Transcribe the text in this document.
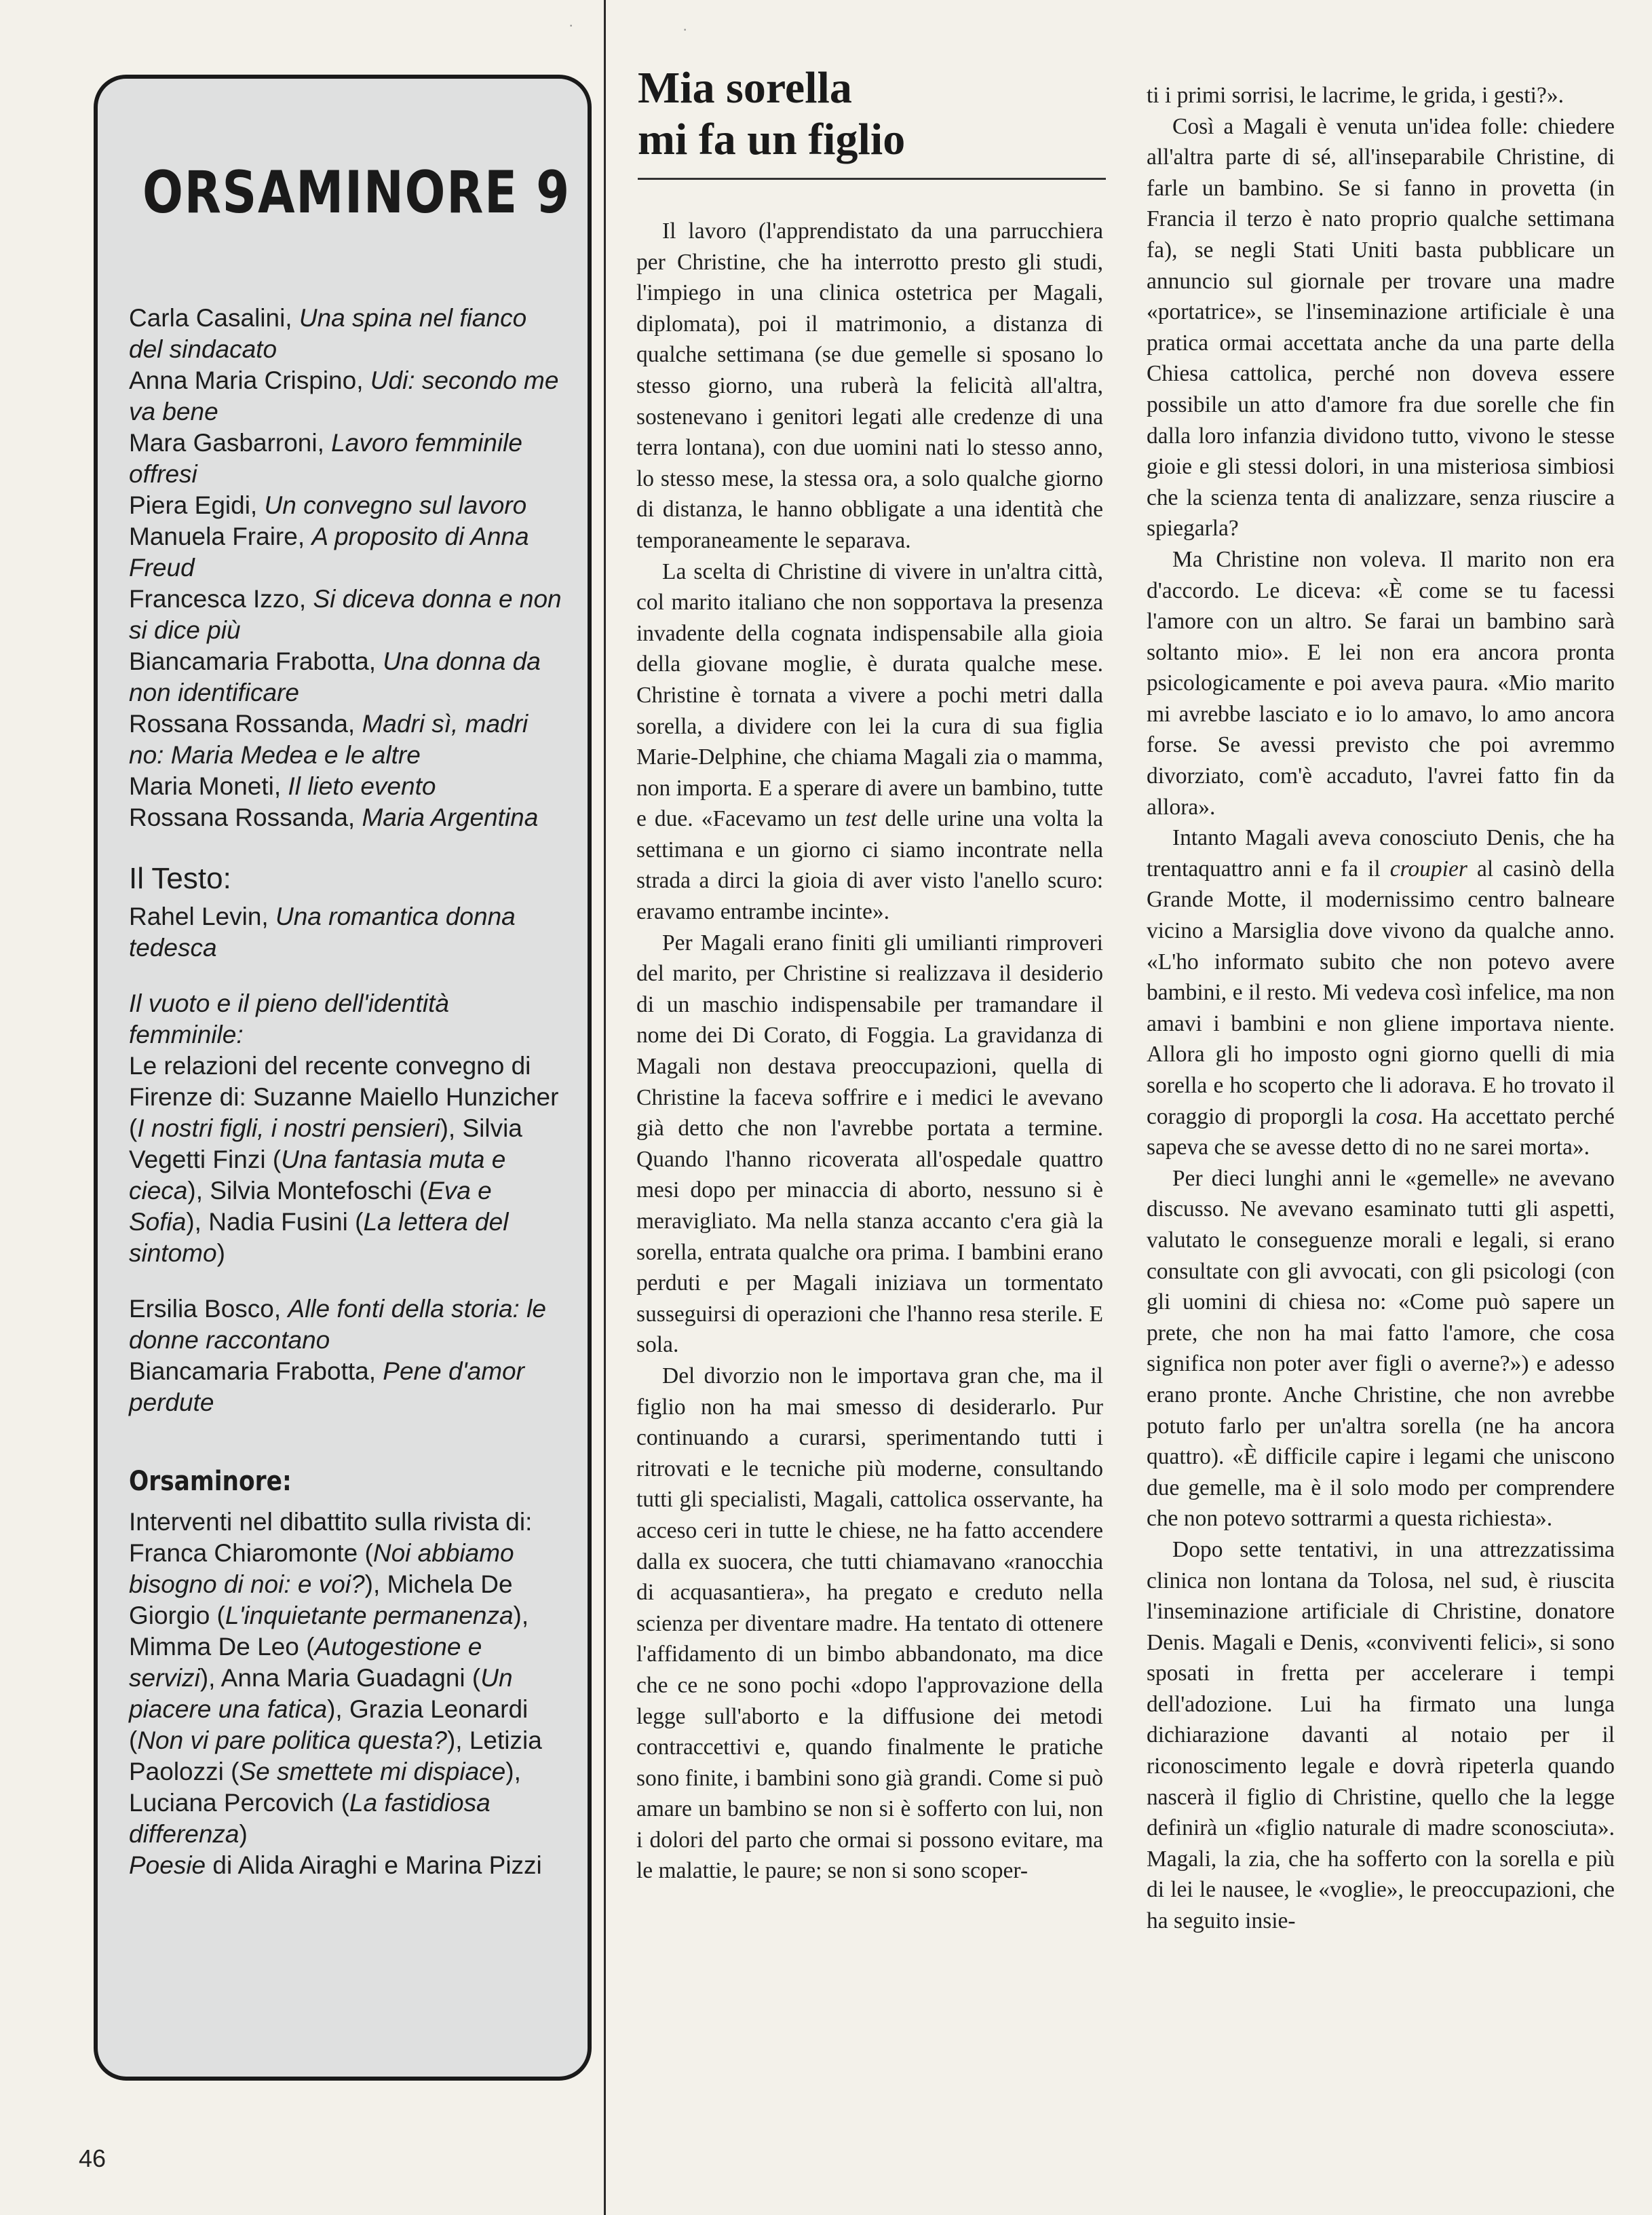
·	·
ORSAMINORE 9

Carla Casalini, Una spina nel fianco del sindacato

Anna Maria Crispino, Udi: secondo me va bene

Mara Gasbarroni, Lavoro femminile offresi

Piera Egidi, Un convegno sul lavoro

Manuela Fraire, A proposito di Anna Freud

Francesca Izzo, Si diceva donna e non si dice più

Biancamaria Frabotta, Una donna da non identificare

Rossana Rossanda, Madri sì, madri no: Maria Medea e le altre

Maria Moneti, Il lieto evento

Rossana Rossanda, Maria Argentina

Il Testo:

Rahel Levin, Una romantica donna tedesca

Il vuoto e il pieno dell'identità femminile:

Le relazioni del recente convegno di Firenze di: Suzanne Maiello Hunzicher (I nostri figli, i nostri pensieri), Silvia Vegetti Finzi (Una fantasia muta e cieca), Silvia Montefoschi (Eva e Sofia), Nadia Fusini (La lettera del sintomo)

Ersilia Bosco, Alle fonti della storia: le donne raccontano

Biancamaria Frabotta, Pene d'amor perdute

Orsaminore:

Interventi nel dibattito sulla rivista di: Franca Chiaromonte (Noi abbiamo bisogno di noi: e voi?), Michela De Giorgio (L'inquietante permanenza), Mimma De Leo (Autogestione e servizi), Anna Maria Guadagni (Un piacere una fatica), Grazia Leonardi (Non vi pare politica questa?), Letizia Paolozzi (Se smettete mi dispiace), Luciana Percovich (La fastidiosa differenza)

Poesie di Alida Airaghi e Marina Pizzi

Mia sorella
mi fa un figlio

Il lavoro (l'apprendistato da una parrucchiera per Christine, che ha interrotto presto gli studi, l'impiego in una clinica ostetrica per Magali, diplomata), poi il matrimonio, a distanza di qualche settimana (se due gemelle si sposano lo stesso giorno, una ruberà la felicità all'altra, sostenevano i genitori legati alle credenze di una terra lontana), con due uomini nati lo stesso anno, lo stesso mese, la stessa ora, a solo qualche giorno di distanza, le hanno obbligate a una identità che temporaneamente le separava.

La scelta di Christine di vivere in un'altra città, col marito italiano che non sopportava la presenza invadente della cognata indispensabile alla gioia della giovane moglie, è durata qualche mese. Christine è tornata a vivere a pochi metri dalla sorella, a dividere con lei la cura di sua figlia Marie-Delphine, che chiama Magali zia o mamma, non importa. E a sperare di avere un bambino, tutte e due. «Facevamo un test delle urine una volta la settimana e un giorno ci siamo incontrate nella strada a dirci la gioia di aver visto l'anello scuro: eravamo entrambe incinte».

Per Magali erano finiti gli umilianti rimproveri del marito, per Christine si realizzava il desiderio di un maschio indispensabile per tramandare il nome dei Di Corato, di Foggia. La gravidanza di Magali non destava preoccupazioni, quella di Christine la faceva soffrire e i medici le avevano già detto che non l'avrebbe portata a termine. Quando l'hanno ricoverata all'ospedale quattro mesi dopo per minaccia di aborto, nessuno si è meravigliato. Ma nella stanza accanto c'era già la sorella, entrata qualche ora prima. I bambini erano perduti e per Magali iniziava un tormentato susseguirsi di operazioni che l'hanno resa sterile. E sola.

Del divorzio non le importava gran che, ma il figlio non ha mai smesso di desiderarlo. Pur continuando a curarsi, sperimentando tutti i ritrovati e le tecniche più moderne, consultando tutti gli specialisti, Magali, cattolica osservante, ha acceso ceri in tutte le chiese, ne ha fatto accendere dalla ex suocera, che tutti chiamavano «ranocchia di acquasantiera», ha pregato e creduto nella scienza per diventare madre. Ha tentato di ottenere l'affidamento di un bimbo abbandonato, ma dice che ce ne sono pochi «dopo l'approvazione della legge sull'aborto e la diffusione dei metodi contraccettivi e, quando finalmente le pratiche sono finite, i bambini sono già grandi. Come si può amare un bambino se non si è sofferto con lui, non i dolori del parto che ormai si possono evitare, ma le malattie, le paure; se non si sono scoper-

ti i primi sorrisi, le lacrime, le grida, i gesti?».

Così a Magali è venuta un'idea folle: chiedere all'altra parte di sé, all'inseparabile Christine, di farle un bambino. Se si fanno in provetta (in Francia il terzo è nato proprio qualche settimana fa), se negli Stati Uniti basta pubblicare un annuncio sul giornale per trovare una madre «portatrice», se l'inseminazione artificiale è una pratica ormai accettata anche da una parte della Chiesa cattolica, perché non doveva essere possibile un atto d'amore fra due sorelle che fin dalla loro infanzia dividono tutto, vivono le stesse gioie e gli stessi dolori, in una misteriosa simbiosi che la scienza tenta di analizzare, senza riuscire a spiegarla?

Ma Christine non voleva. Il marito non era d'accordo. Le diceva: «È come se tu facessi l'amore con un altro. Se farai un bambino sarà soltanto mio». E lei non era ancora pronta psicologicamente e poi aveva paura. «Mio marito mi avrebbe lasciato e io lo amavo, lo amo ancora forse. Se avessi previsto che poi avremmo divorziato, com'è accaduto, l'avrei fatto fin da allora».

Intanto Magali aveva conosciuto Denis, che ha trentaquattro anni e fa il croupier al casinò della Grande Motte, il modernissimo centro balneare vicino a Marsiglia dove vivono da qualche anno. «L'ho informato subito che non potevo avere bambini, e il resto. Mi vedeva così infelice, ma non amavi i bambini e non gliene importava niente. Allora gli ho imposto ogni giorno quelli di mia sorella e ho scoperto che li adorava. E ho trovato il coraggio di proporgli la cosa. Ha accettato perché sapeva che se avesse detto di no ne sarei morta».

Per dieci lunghi anni le «gemelle» ne avevano discusso. Ne avevano esaminato tutti gli aspetti, valutato le conseguenze morali e legali, si erano consultate con gli avvocati, con gli psicologi (con gli uomini di chiesa no: «Come può sapere un prete, che non ha mai fatto l'amore, che cosa significa non poter aver figli o averne?») e adesso erano pronte. Anche Christine, che non avrebbe potuto farlo per un'altra sorella (ne ha ancora quattro). «È difficile capire i legami che uniscono due gemelle, ma è il solo modo per comprendere che non potevo sottrarmi a questa richiesta».

Dopo sette tentativi, in una attrezzatissima clinica non lontana da Tolosa, nel sud, è riuscita l'inseminazione artificiale di Christine, donatore Denis. Magali e Denis, «conviventi felici», si sono sposati in fretta per accelerare i tempi dell'adozione. Lui ha firmato una lunga dichiarazione davanti al notaio per il riconoscimento legale e dovrà ripeterla quando nascerà il figlio di Christine, quello che la legge definirà un «figlio naturale di madre sconosciuta». Magali, la zia, che ha sofferto con la sorella e più di lei le nausee, le «voglie», le preoccupazioni, che ha seguito insie-

46
